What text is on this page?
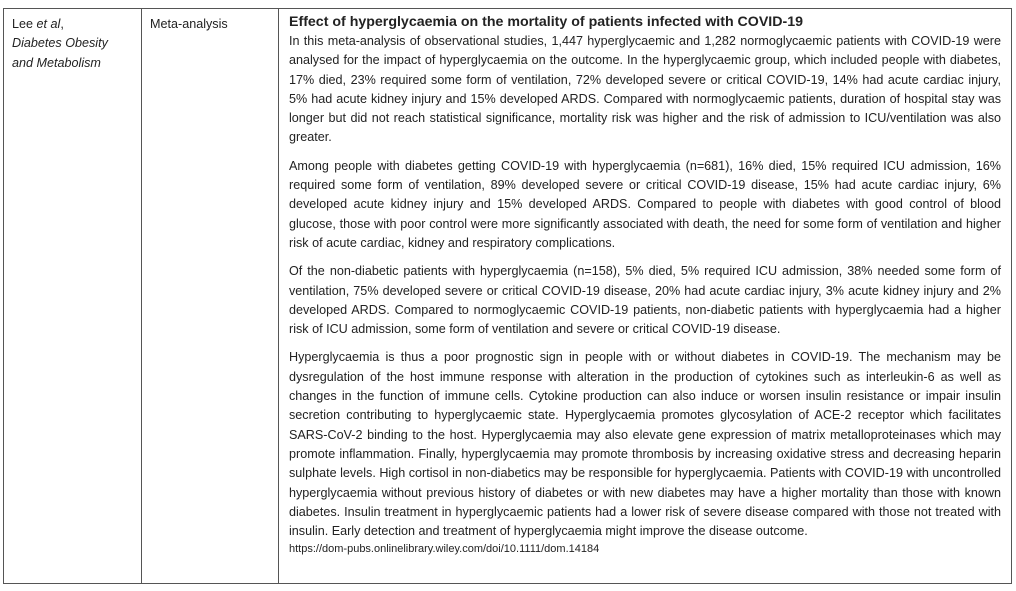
Lee et al,
Diabetes Obesity
and Metabolism
Meta-analysis	Effect of hyperglycaemia on the mortality of patients infected with COVID-19

In this meta-analysis of observational studies, 1,447 hyperglycaemic and 1,282 normoglycaemic patients with COVID-19 were analysed for the impact of hyperglycaemia on the outcome. In the hyperglycaemic group, which included people with diabetes, 17% died, 23% required some form of ventilation, 72% developed severe or critical COVID-19, 14% had acute cardiac injury, 5% had acute kidney injury and 15% developed ARDS. Compared with normoglycaemic patients, duration of hospital stay was longer but did not reach statistical significance, mortality risk was higher and the risk of admission to ICU/ventilation was also greater.

Among people with diabetes getting COVID-19 with hyperglycaemia (n=681), 16% died, 15% required ICU admission, 16% required some form of ventilation, 89% developed severe or critical COVID-19 disease, 15% had acute cardiac injury, 6% developed acute kidney injury and 15% developed ARDS. Compared to people with diabetes with good control of blood glucose, those with poor control were more significantly associated with death, the need for some form of ventilation and higher risk of acute cardiac, kidney and respiratory complications.

Of the non-diabetic patients with hyperglycaemia (n=158), 5% died, 5% required ICU admission, 38% needed some form of ventilation, 75% developed severe or critical COVID-19 disease, 20% had acute cardiac injury, 3% acute kidney injury and 2% developed ARDS. Compared to normoglycaemic COVID-19 patients, non-diabetic patients with hyperglycaemia had a higher risk of ICU admission, some form of ventilation and severe or critical COVID-19 disease.

Hyperglycaemia is thus a poor prognostic sign in people with or without diabetes in COVID-19. The mechanism may be dysregulation of the host immune response with alteration in the production of cytokines such as interleukin-6 as well as changes in the function of immune cells. Cytokine production can also induce or worsen insulin resistance or impair insulin secretion contributing to hyperglycaemic state. Hyperglycaemia promotes glycosylation of ACE-2 receptor which facilitates SARS-CoV-2 binding to the host. Hyperglycaemia may also elevate gene expression of matrix metalloproteinases which may promote inflammation. Finally, hyperglycaemia may promote thrombosis by increasing oxidative stress and decreasing heparin sulphate levels. High cortisol in non-diabetics may be responsible for hyperglycaemia. Patients with COVID-19 with uncontrolled hyperglycaemia without previous history of diabetes or with new diabetes may have a higher mortality than those with known diabetes. Insulin treatment in hyperglycaemic patients had a lower risk of severe disease compared with those not treated with insulin. Early detection and treatment of hyperglycaemia might improve the disease outcome.

https://dom-pubs.onlinelibrary.wiley.com/doi/10.1111/dom.14184
